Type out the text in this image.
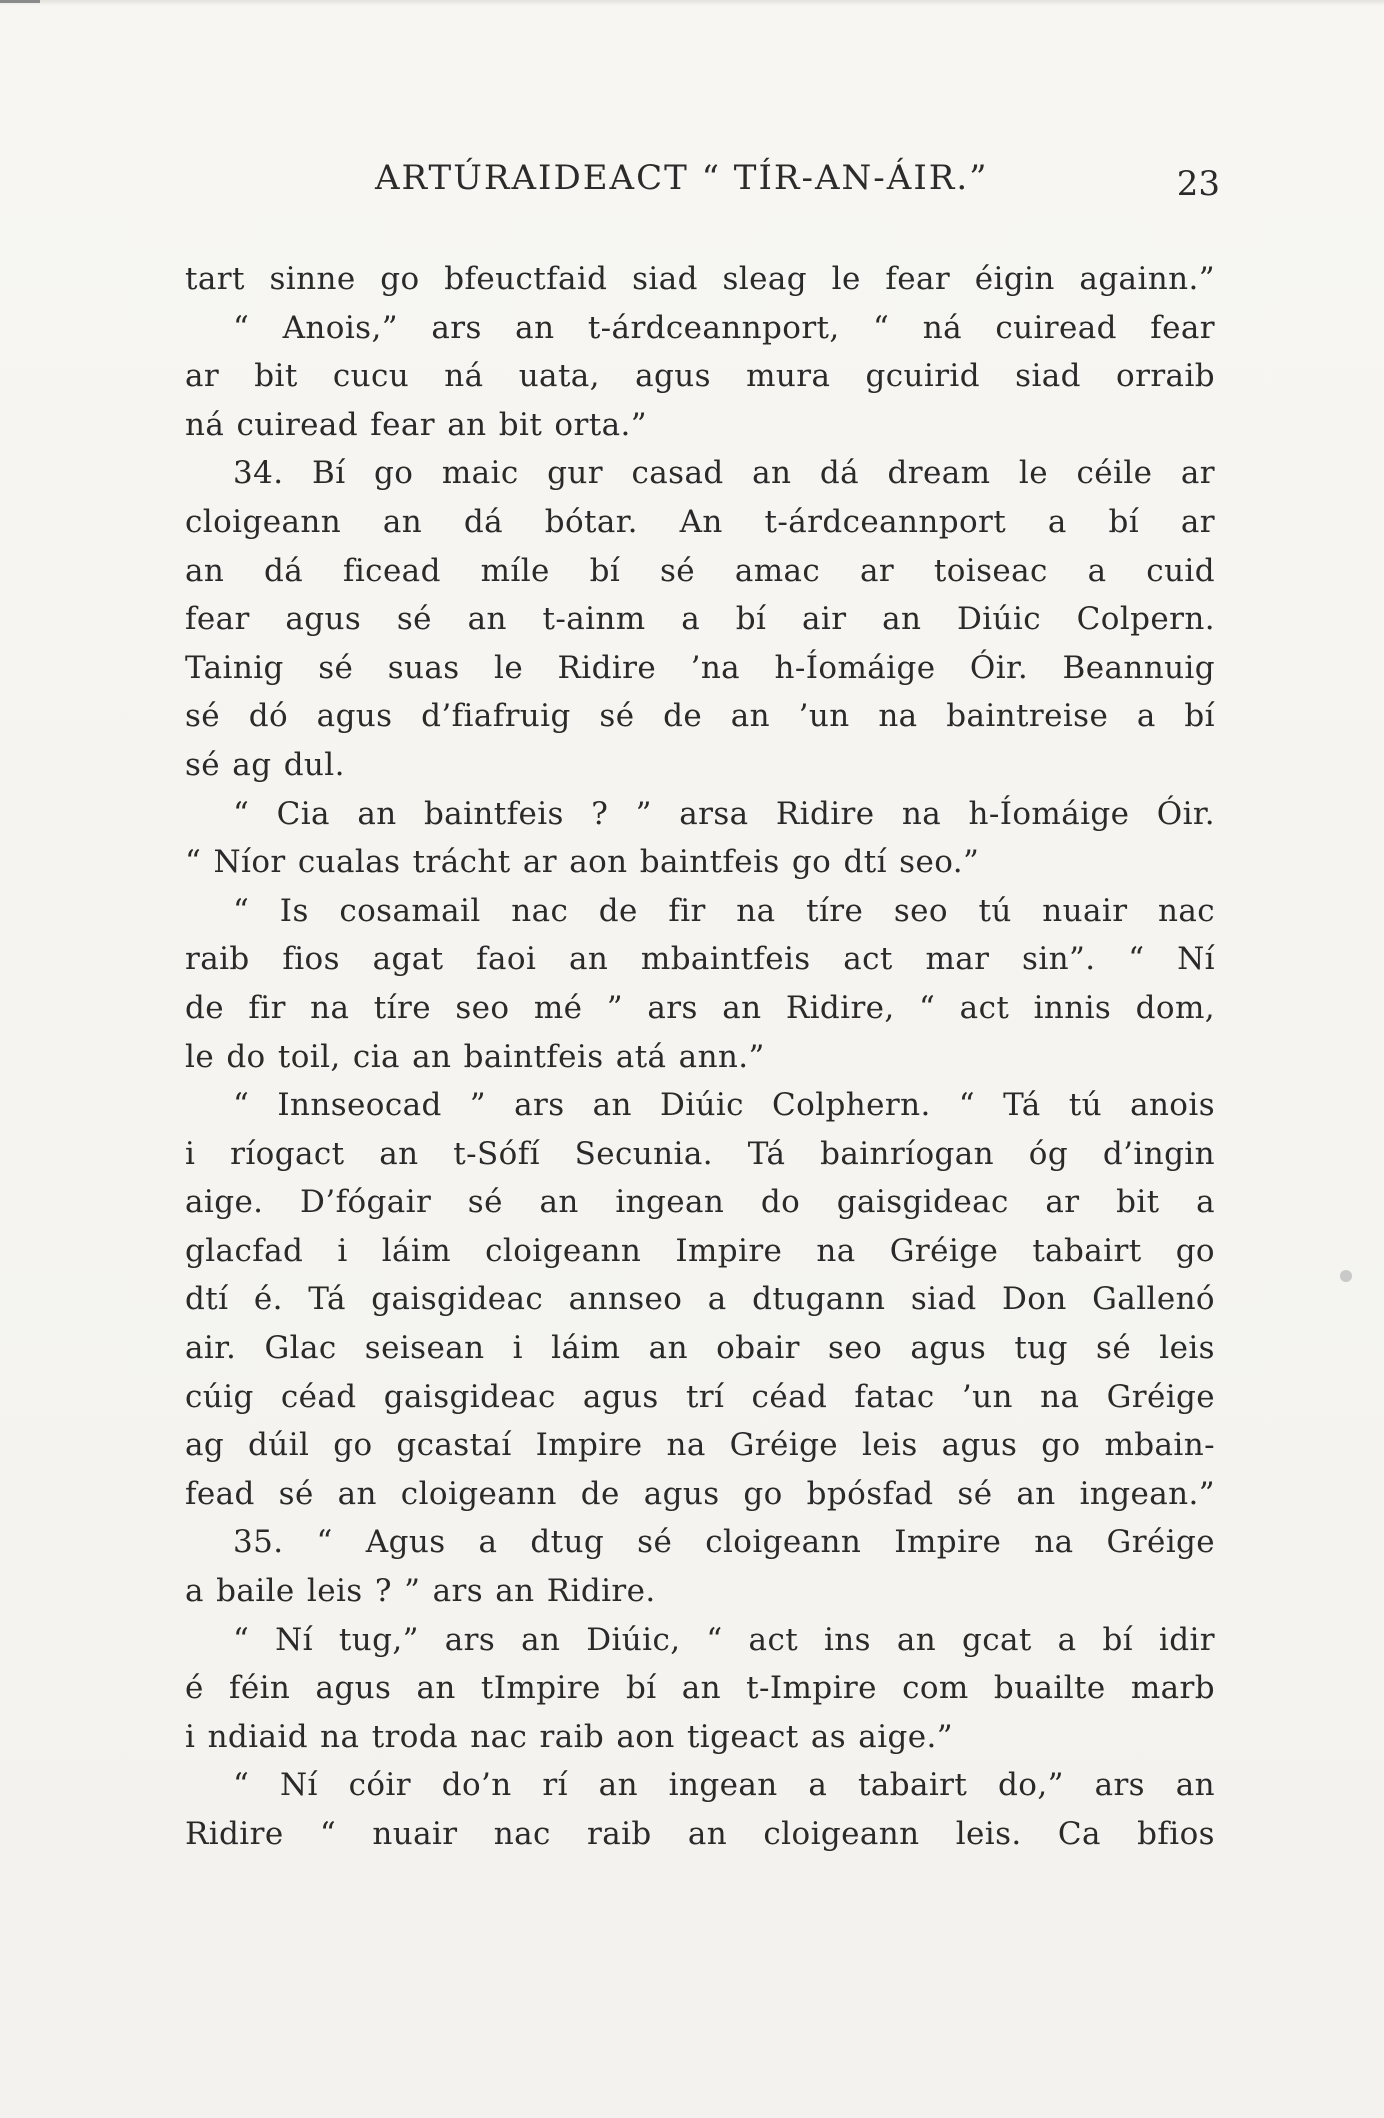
ARTÚRAIDEACT “ TÍR-AN-ÁIR.”	23
tart sinne go bfeuctfaid siad sleag le fear éigin againn.”
“ Anois,” ars an t-árdceannport, “ ná cuiread fear
ar bit cucu ná uata, agus mura gcuirid siad orraib
ná cuiread fear an bit orta.”
34. Bí go maic gur casad an dá dream le céile ar
cloigeann an dá bótar. An t-árdceannport a bí ar
an dá ficead míle bí sé amac ar toiseac a cuid
fear agus sé an t-ainm a bí air an Diúic Colpern.
Tainig sé suas le Ridire ’na h-Íomáige Óir. Beannuig
sé dó agus d’fiafruig sé de an ’un na baintreise a bí
sé ag dul.
“ Cia an baintfeis ? ” arsa Ridire na h-Íomáige Óir.
“ Níor cualas trácht ar aon baintfeis go dtí seo.”
“ Is cosamail nac de fir na tíre seo tú nuair nac
raib fios agat faoi an mbaintfeis act mar sin”. “ Ní
de fir na tíre seo mé ” ars an Ridire, “ act innis dom,
le do toil, cia an baintfeis atá ann.”
“ Innseocad ” ars an Diúic Colphern. “ Tá tú anois
i ríogact an t-Sófí Secunia. Tá bainríogan óg d’ingin
aige. D’fógair sé an ingean do gaisgideac ar bit a
glacfad i láim cloigeann Impire na Gréige tabairt go
dtí é. Tá gaisgideac annseo a dtugann siad Don Gallenó
air. Glac seisean i láim an obair seo agus tug sé leis
cúig céad gaisgideac agus trí céad fatac ’un na Gréige
ag dúil go gcastaí Impire na Gréige leis agus go mbain-
fead sé an cloigeann de agus go bpósfad sé an ingean.”
35. “ Agus a dtug sé cloigeann Impire na Gréige
a baile leis ? ” ars an Ridire.
“ Ní tug,” ars an Diúic, “ act ins an gcat a bí idir
é féin agus an tImpire bí an t-Impire com buailte marb
i ndiaid na troda nac raib aon tigeact as aige.”
“ Ní cóir do’n rí an ingean a tabairt do,” ars an
Ridire “ nuair nac raib an cloigeann leis. Ca bfios
